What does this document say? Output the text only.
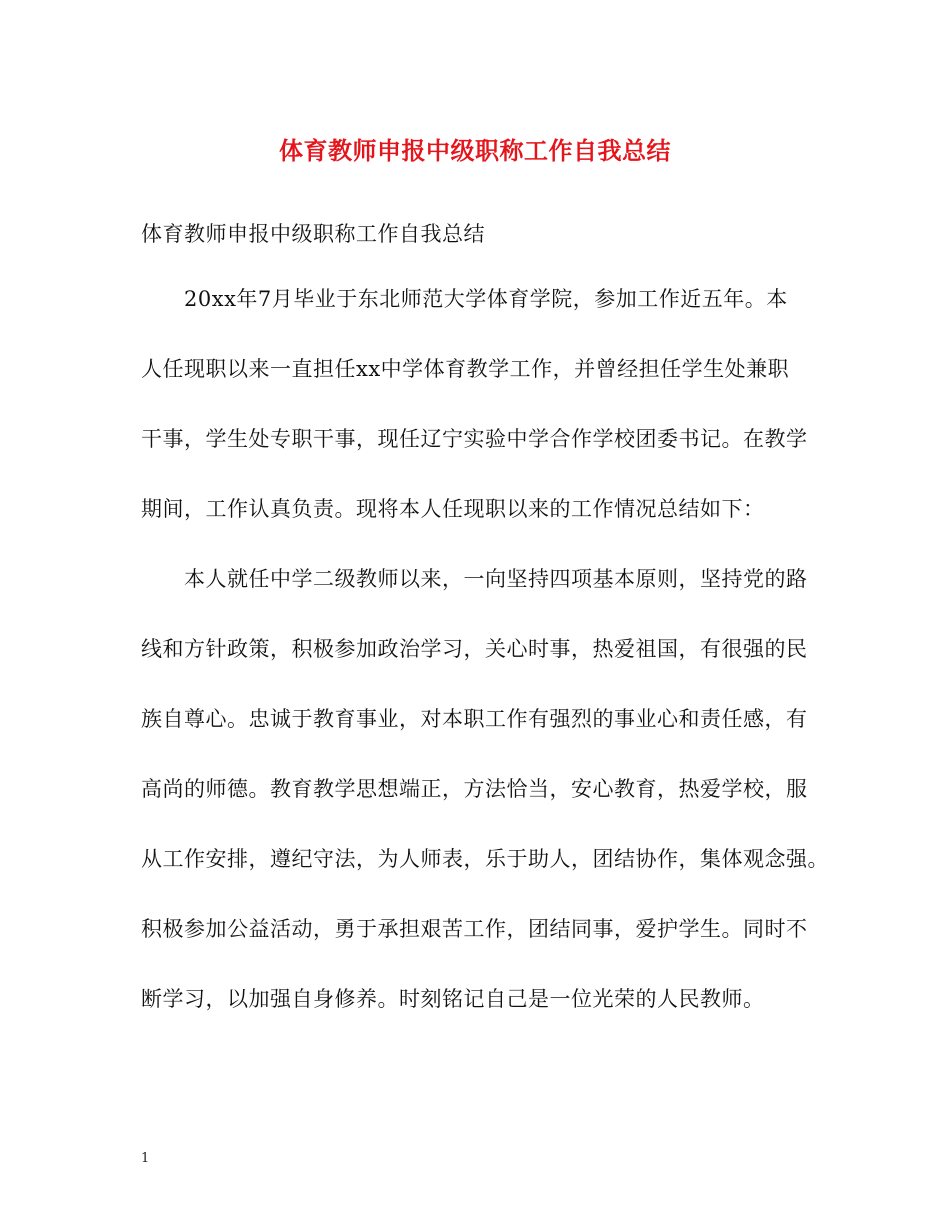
体育教师申报中级职称工作自我总结
体育教师申报中级职称工作自我总结
20xx年7月毕业于东北师范大学体育学院，参加工作近五年。本
人任现职以来一直担任xx中学体育教学工作，并曾经担任学生处兼职
干事，学生处专职干事，现任辽宁实验中学合作学校团委书记。在教学
期间，工作认真负责。现将本人任现职以来的工作情况总结如下：
本人就任中学二级教师以来，一向坚持四项基本原则，坚持党的路
线和方针政策，积极参加政治学习，关心时事，热爱祖国，有很强的民
族自尊心。忠诚于教育事业，对本职工作有强烈的事业心和责任感，有
高尚的师德。教育教学思想端正，方法恰当，安心教育，热爱学校，服
从工作安排，遵纪守法，为人师表，乐于助人，团结协作，集体观念强。
积极参加公益活动，勇于承担艰苦工作，团结同事，爱护学生。同时不
断学习，以加强自身修养。时刻铭记自己是一位光荣的人民教师。
1
